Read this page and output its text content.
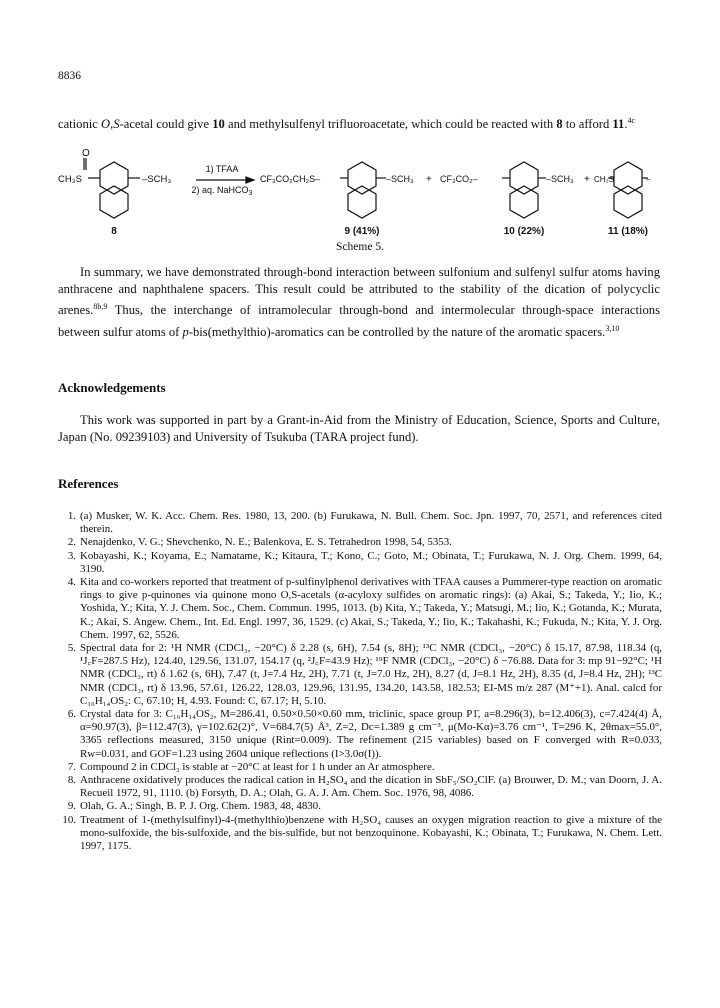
8836

cationic O,S-acetal could give 10 and methylsulfenyl trifluoroacetate, which could be reacted with 8 to afford 11.$^{4c}$

O
CH₃S	–SCH₃
1) TFAA
2) aq. NaHCO$_3$
CF₃CO₂CH₂S–	–SCH₃ + CF₃CO₂–	–SCH₃ + CH₃S	–
8	9 (41%)	10 (22%)	11 (18%)
Scheme 5.

In summary, we have demonstrated through-bond interaction between sulfonium and sulfenyl sulfur atoms having anthracene and naphthalene spacers. This result could be attributed to the stability of the dication of polycyclic arenes.$^{8b,9}$ Thus, the interchange of intramolecular through-bond and intermolecular through-space interactions between sulfur atoms of p-bis(methylthio)-aromatics can be controlled by the nature of the aromatic spacers.$^{3,10}$

Acknowledgements

This work was supported in part by a Grant-in-Aid from the Ministry of Education, Science, Sports and Culture, Japan (No. 09239103) and University of Tsukuba (TARA project fund).

References
1. (a) Musker, W. K. Acc. Chem. Res. 1980, 13, 200. (b) Furukawa, N. Bull. Chem. Soc. Jpn. 1997, 70, 2571, and references cited therein.
2. Nenajdenko, V. G.; Shevchenko, N. E.; Balenkova, E. S. Tetrahedron 1998, 54, 5353.
3. Kobayashi, K.; Koyama, E.; Namatame, K.; Kitaura, T.; Kono, C.; Goto, M.; Obinata, T.; Furukawa, N. J. Org. Chem. 1999, 64, 3190.
4. Kita and co-workers reported that treatment of p-sulfinylphenol derivatives with TFAA causes a Pummerer-type reaction on aromatic rings to give p-quinones via quinone mono O,S-acetals (α-acyloxy sulfides on aromatic rings): (a) Akai, S.; Takeda, Y.; Iio, K.; Yoshida, Y.; Kita, Y. J. Chem. Soc., Chem. Commun. 1995, 1013. (b) Kita, Y.; Takeda, Y.; Matsugi, M.; Iio, K.; Gotanda, K.; Murata, K.; Akai, S. Angew. Chem., Int. Ed. Engl. 1997, 36, 1529. (c) Akai, S.; Takeda, Y.; Iio, K.; Takahashi, K.; Fukuda, N.; Kita, Y. J. Org. Chem. 1997, 62, 5526.
5. Spectral data for 2: ¹H NMR (CDCl₃, −20°C) δ 2.28 (s, 6H), 7.54 (s, 8H); ¹³C NMR (CDCl₃, −20°C) δ 15.17, 87.98, 118.34 (q, ¹J꜀F=287.5 Hz), 124.40, 129.56, 131.07, 154.17 (q, ²J꜀F=43.9 Hz); ¹⁹F NMR (CDCl₃, −20°C) δ −76.88. Data for 3: mp 91−92°C; ¹H NMR (CDCl₃, rt) δ 1.62 (s, 6H), 7.47 (t, J=7.4 Hz, 2H), 7.71 (t, J=7.0 Hz, 2H), 8.27 (d, J=8.1 Hz, 2H), 8.35 (d, J=8.4 Hz, 2H); ¹³C NMR (CDCl₃, rt) δ 13.96, 57.61, 126.22, 128.03, 129.96, 131.95, 134.20, 143.58, 182.53; EI-MS m/z 287 (M⁺+1). Anal. calcd for C₁₆H₁₄OS₂: C, 67.10; H, 4.93. Found: C, 67.17; H, 5.10.
6. Crystal data for 3: C₁₆H₁₄OS₂, M=286.41, 0.50×0.50×0.60 mm, triclinic, space group P1̄, a=8.296(3), b=12.406(3), c=7.424(4) Å, α=90.97(3), β=112.47(3), γ=102.62(2)°, V=684.7(5) Å³, Z=2, Dc=1.389 g cm⁻³, μ(Mo-Kα)=3.76 cm⁻¹, T=296 K, 2θmax=55.0°, 3365 reflections measured, 3150 unique (Rint=0.009). The refinement (215 variables) based on F converged with R=0.033, Rw=0.031, and GOF=1.23 using 2604 unique reflections (I>3.0σ(I)).
7. Compound 2 in CDCl₃ is stable at −20°C at least for 1 h under an Ar atmosphere.
8. Anthracene oxidatively produces the radical cation in H₂SO₄ and the dication in SbF₅/SO₂ClF. (a) Brouwer, D. M.; van Doorn, J. A. Recueil 1972, 91, 1110. (b) Forsyth, D. A.; Olah, G. A. J. Am. Chem. Soc. 1976, 98, 4086.
9. Olah, G. A.; Singh, B. P. J. Org. Chem. 1983, 48, 4830.
10. Treatment of 1-(methylsulfinyl)-4-(methylthio)benzene with H₂SO₄ causes an oxygen migration reaction to give a mixture of the mono-sulfoxide, the bis-sulfoxide, and the bis-sulfide, but not benzoquinone. Kobayashi, K.; Obinata, T.; Furukawa, N. Chem. Lett. 1997, 1175.
